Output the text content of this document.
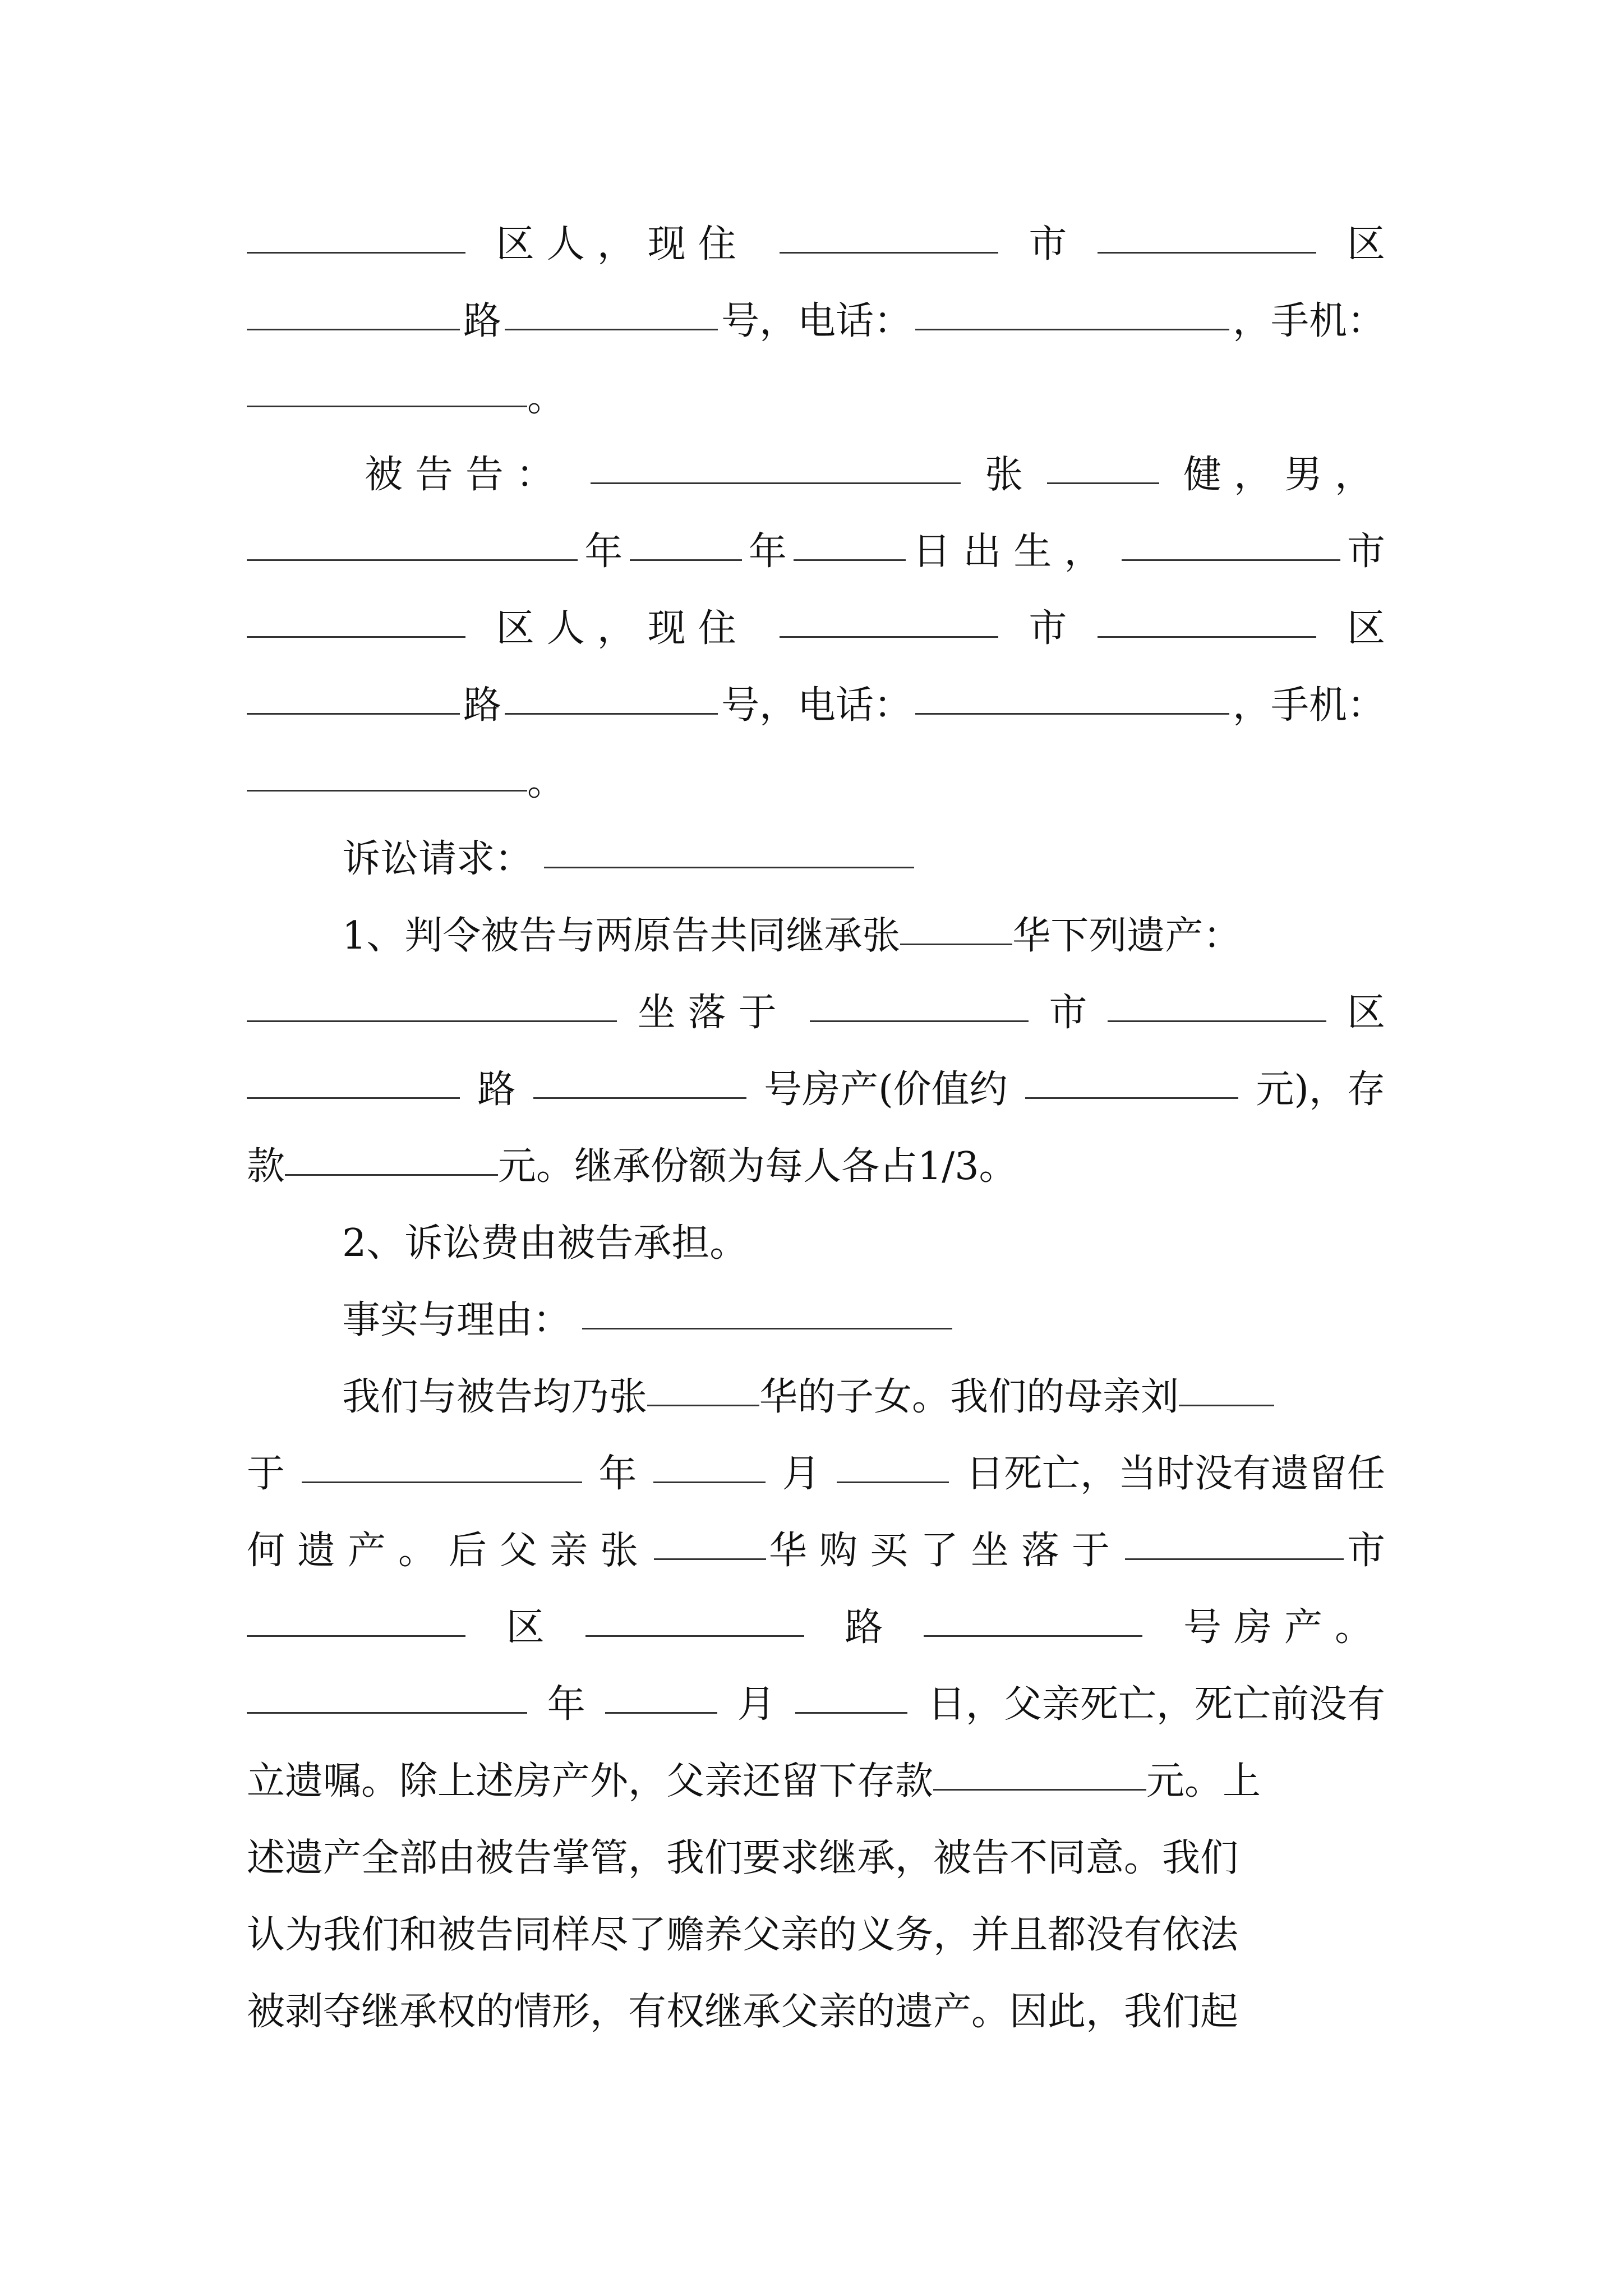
区人，现住	市	区
路	号，电话：	，手机：
。
被告告：	张	健，男，
年	年	日出生，	市
区人，现住	市	区
路	号，电话：	，手机：
。
诉讼请求：
1、判令被告与两原告共同继承张	华下列遗产：
坐落于	市	区
路	号房产(价值约	元)，存
款	元。继承份额为每人各占1/3。
2、诉讼费由被告承担。
事实与理由：
我们与被告均乃张	华的子女。我们的母亲刘
于	年	月	日死亡，当时没有遗留任
何遗产。后父亲张	华购买了坐落于	市
区	路	号房产。
年	月	日，父亲死亡，死亡前没有
立遗嘱。除上述房产外，父亲还留下存款	元。上
述遗产全部由被告掌管，我们要求继承，被告不同意。我们
认为我们和被告同样尽了赡养父亲的义务，并且都没有依法
被剥夺继承权的情形，有权继承父亲的遗产。因此，我们起
